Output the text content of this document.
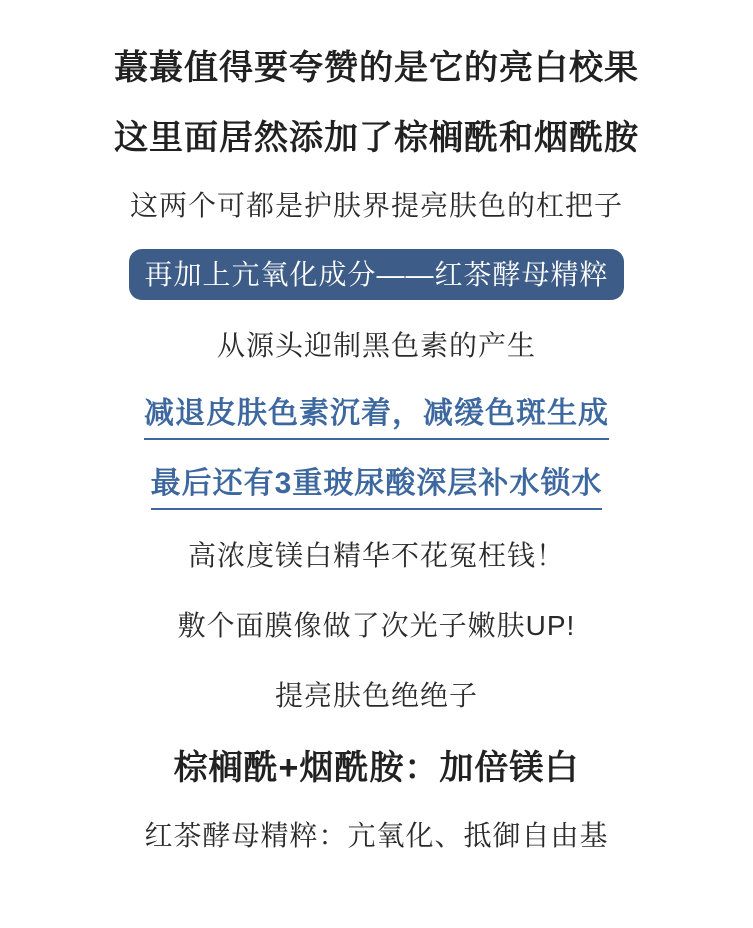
蕞蕞值得要夸赞的是它的亮白校果
这里面居然添加了棕榈酰和烟酰胺
这两个可都是护肤界提亮肤色的杠把子
再加上亢氧化成分——红茶酵母精粹
从源头迎制黑色素的产生
减退皮肤色素沉着，减缓色斑生成
最后还有3重玻尿酸深层补水锁水
高浓度镁白精华不花冤枉钱！
敷个面膜像做了次光子嫩肤UP!
提亮肤色绝绝子
棕榈酰+烟酰胺：加倍镁白
红茶酵母精粹：亢氧化、抵御自由基
